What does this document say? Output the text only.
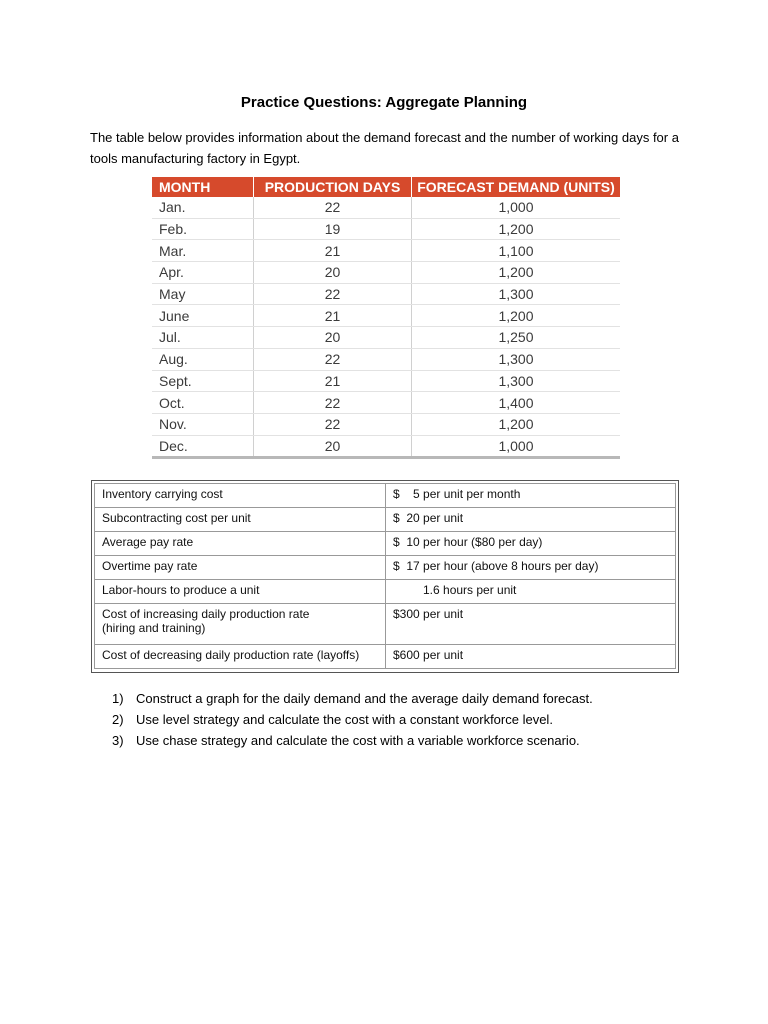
Practice Questions: Aggregate Planning
The table below provides information about the demand forecast and the number of working days for a tools manufacturing factory in Egypt.
MONTH	PRODUCTION DAYS	FORECAST DEMAND (UNITS)
Jan.	22	1,000
Feb.	19	1,200
Mar.	21	1,100
Apr.	20	1,200
May	22	1,300
June	21	1,200
Jul.	20	1,250
Aug.	22	1,300
Sept.	21	1,300
Oct.	22	1,400
Nov.	22	1,200
Dec.	20	1,000
Inventory carrying cost	$    5 per unit per month
Subcontracting cost per unit	$  20 per unit
Average pay rate	$  10 per hour ($80 per day)
Overtime pay rate	$  17 per hour (above 8 hours per day)
Labor-hours to produce a unit	1.6 hours per unit

Cost of increasing daily production rate
(hiring and training)	$300 per unit
Cost of decreasing daily production rate (layoffs)	$600 per unit
1) Construct a graph for the daily demand and the average daily demand forecast.
2) Use level strategy and calculate the cost with a constant workforce level.
3) Use chase strategy and calculate the cost with a variable workforce scenario.
